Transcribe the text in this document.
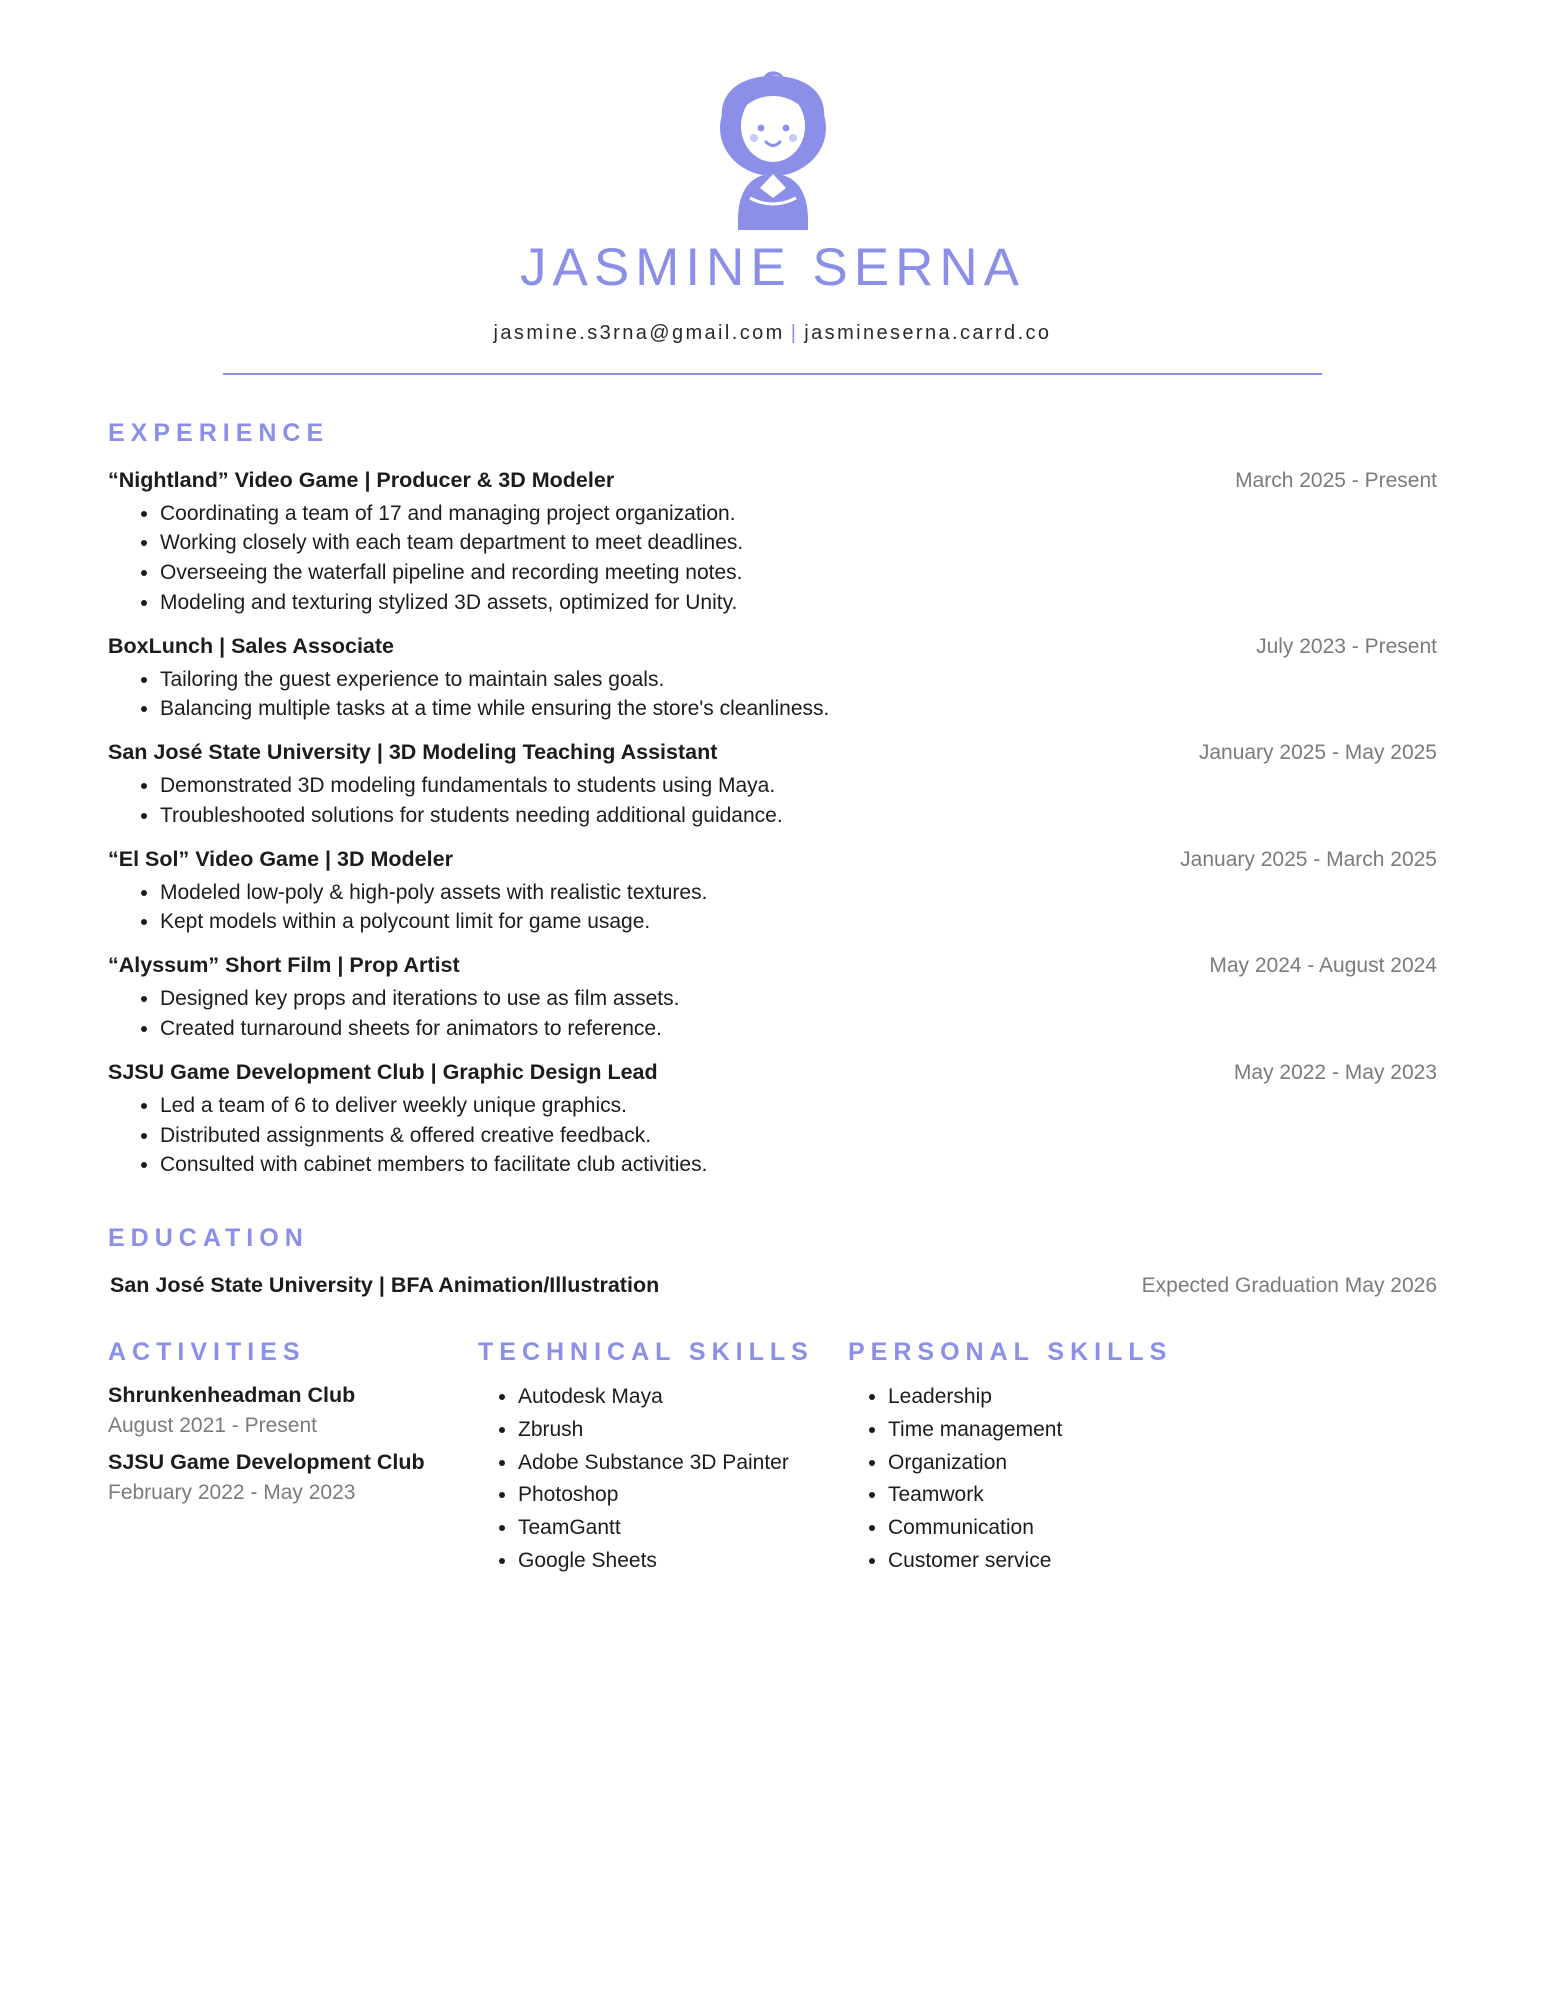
JASMINE SERNA
jasmine.s3rna@gmail.com | jasmineserna.carrd.co
EXPERIENCE
“Nightland” Video Game | Producer & 3D Modeler	March 2025 - Present
• Coordinating a team of 17 and managing project organization.
• Working closely with each team department to meet deadlines.
• Overseeing the waterfall pipeline and recording meeting notes.
• Modeling and texturing stylized 3D assets, optimized for Unity.
BoxLunch | Sales Associate	July 2023 - Present
• Tailoring the guest experience to maintain sales goals.
• Balancing multiple tasks at a time while ensuring the store's cleanliness.
San José State University | 3D Modeling Teaching Assistant	January 2025 - May 2025
• Demonstrated 3D modeling fundamentals to students using Maya.
• Troubleshooted solutions for students needing additional guidance.
“El Sol” Video Game | 3D Modeler	January 2025 - March 2025
• Modeled low-poly & high-poly assets with realistic textures.
• Kept models within a polycount limit for game usage.
“Alyssum” Short Film | Prop Artist	May 2024 - August 2024
• Designed key props and iterations to use as film assets.
• Created turnaround sheets for animators to reference.
SJSU Game Development Club | Graphic Design Lead	May 2022 - May 2023
• Led a team of 6 to deliver weekly unique graphics.
• Distributed assignments & offered creative feedback.
• Consulted with cabinet members to facilitate club activities.
EDUCATION
San José State University | BFA Animation/Illustration	Expected Graduation May 2026
ACTIVITIES
Shrunkenheadman Club
August 2021 - Present
SJSU Game Development Club
February 2022 - May 2023
TECHNICAL SKILLS
• Autodesk Maya
• Zbrush
• Adobe Substance 3D Painter
• Photoshop
• TeamGantt
• Google Sheets
PERSONAL SKILLS
• Leadership
• Time management
• Organization
• Teamwork
• Communication
• Customer service
